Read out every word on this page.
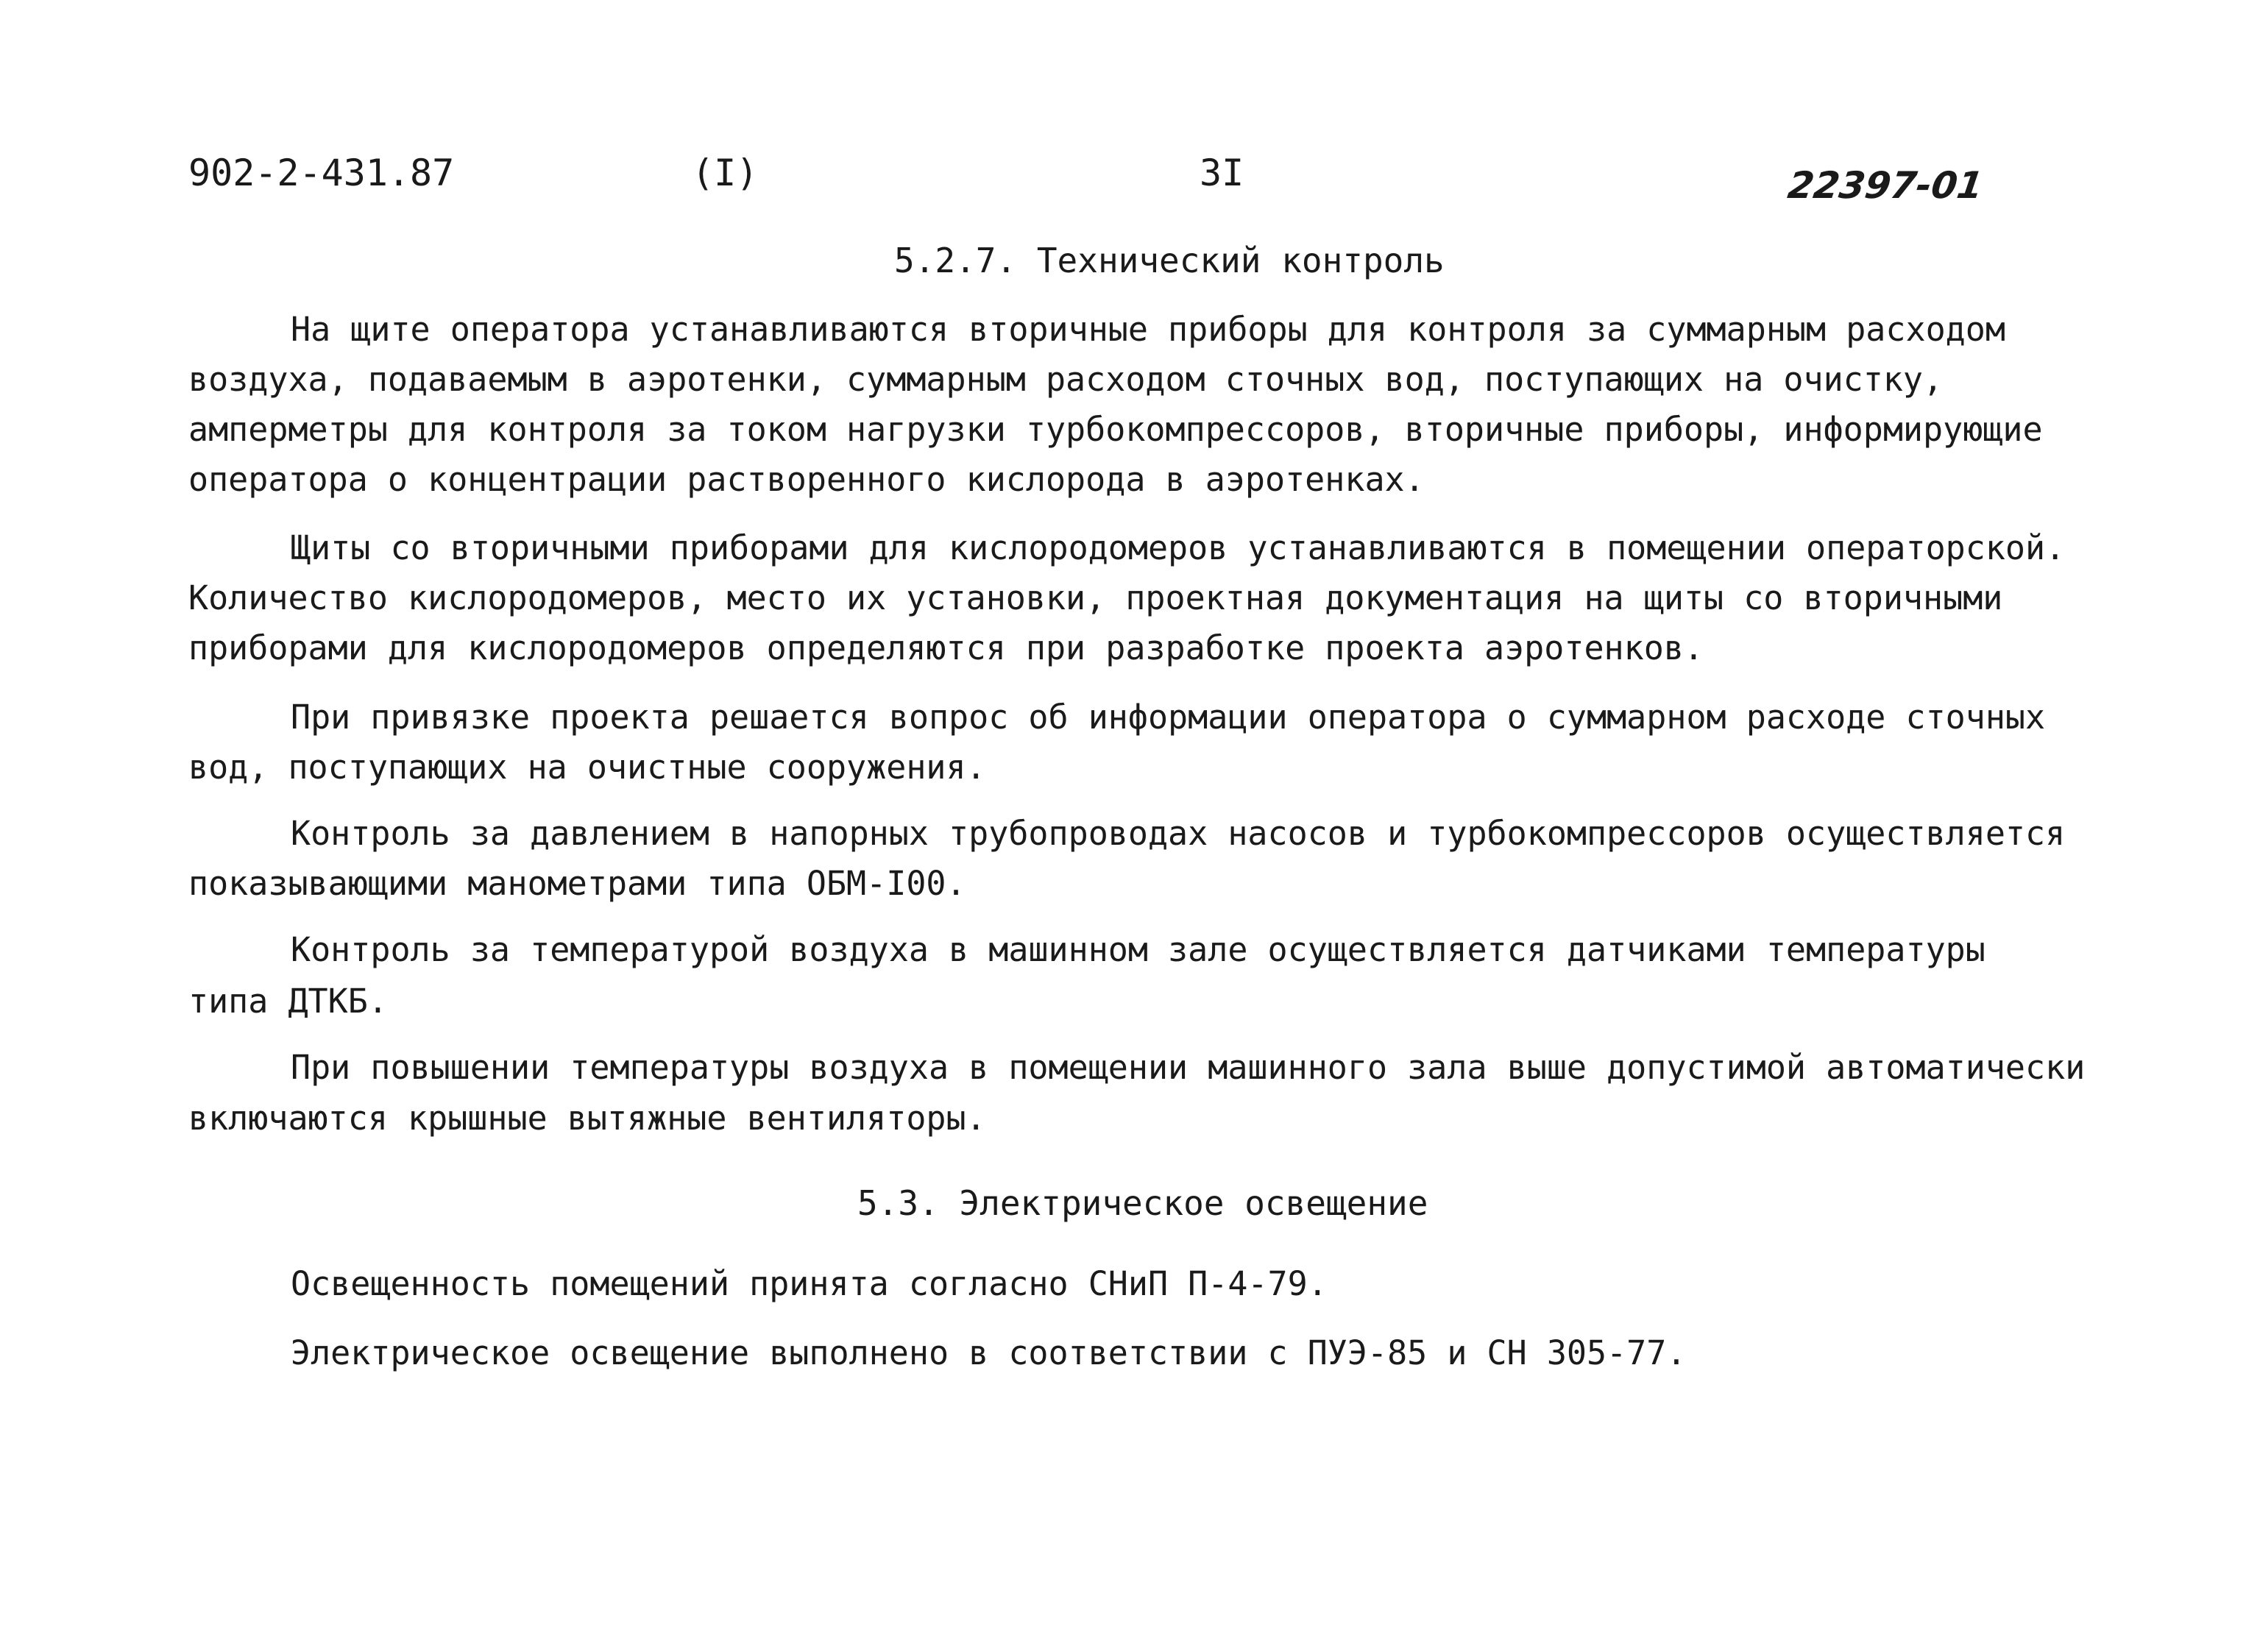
902-2-431.87	(I)	3I	22397-01
5.2.7. Технический контроль
На щите оператора устанавливаются вторичные приборы для контроля за суммарным расходом
воздуха, подаваемым в аэротенки, суммарным расходом сточных вод, поступающих на очистку,
амперметры для контроля за током нагрузки турбокомпрессоров, вторичные приборы, информирующие
оператора о концентрации растворенного кислорода в аэротенках.
Щиты со вторичными приборами для кислородомеров устанавливаются в помещении операторской.
Количество кислородомеров, место их установки, проектная документация на щиты со вторичными
приборами для кислородомеров определяются при разработке проекта аэротенков.
При привязке проекта решается вопрос об информации оператора о суммарном расходе сточных
вод, поступающих на очистные сооружения.
Контроль за давлением в напорных трубопроводах насосов и турбокомпрессоров осуществляется
показывающими манометрами типа ОБМ-I00.
Контроль за температурой воздуха в машинном зале осуществляется датчиками температуры
типа ДТКБ.
При повышении температуры воздуха в помещении машинного зала выше допустимой автоматически
включаются крышные вытяжные вентиляторы.
5.3. Электрическое освещение
Освещенность помещений принята согласно СНиП П-4-79.
Электрическое освещение выполнено в соответствии с ПУЭ-85 и СН 305-77.
